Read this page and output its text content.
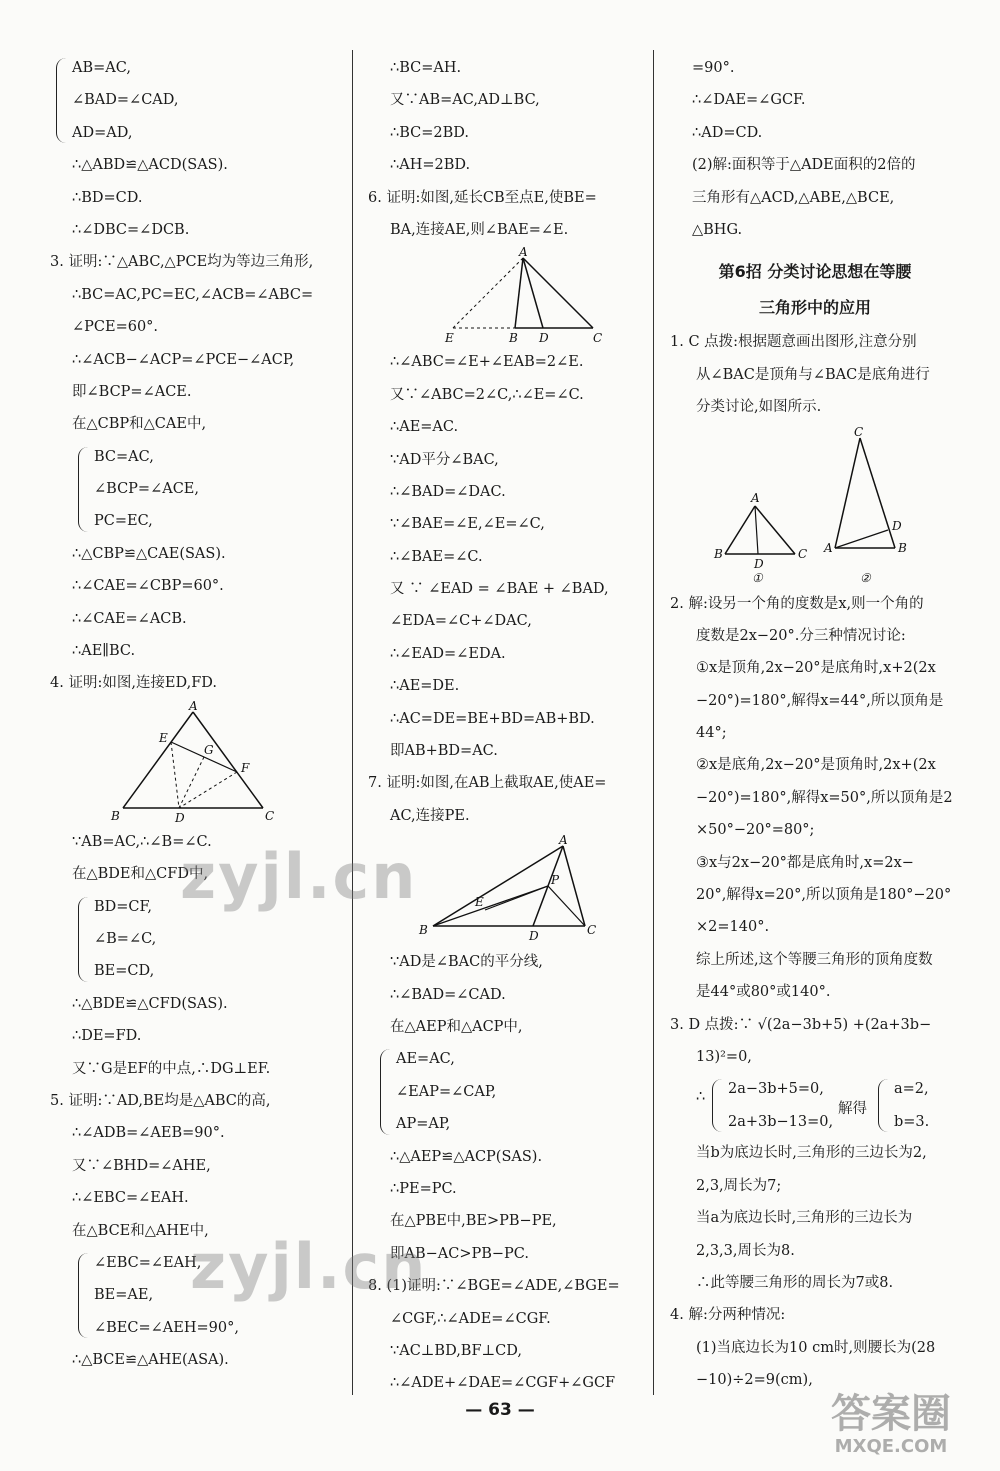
AB=AC,
∠BAD=∠CAD,
AD=AD,
∴△ABD≌△ACD(SAS).
∴BD=CD.
∴∠DBC=∠DCB.
3. 证明:∵△ABC,△PCE均为等边三角形,
∴BC=AC,PC=EC,∠ACB=∠ABC=
∠PCE=60°.
∴∠ACB−∠ACP=∠PCE−∠ACP,
即∠BCP=∠ACE.
在△CBP和△CAE中,
BC=AC,
∠BCP=∠ACE,
PC=EC,
∴△CBP≌△CAE(SAS).
∴∠CAE=∠CBP=60°.
∴∠CAE=∠ACB.
∴AE∥BC.
4. 证明:如图,连接ED,FD.
A
B	C
D
E
F
G
∵AB=AC,∴∠B=∠C.
在△BDE和△CFD中,
BD=CF,
∠B=∠C,
BE=CD,
∴△BDE≌△CFD(SAS).
∴DE=FD.
又∵G是EF的中点,∴DG⊥EF.
5. 证明:∵AD,BE均是△ABC的高,
∴∠ADB=∠AEB=90°.
又∵∠BHD=∠AHE,
∴∠EBC=∠EAH.
在△BCE和△AHE中,
∠EBC=∠EAH,
BE=AE,
∠BEC=∠AEH=90°,
∴△BCE≌△AHE(ASA).
∴BC=AH.
又∵AB=AC,AD⊥BC,
∴BC=2BD.
∴AH=2BD.
6. 证明:如图,延长CB至点E,使BE=
BA,连接AE,则∠BAE=∠E.
A
B	C
D
E
∴∠ABC=∠E+∠EAB=2∠E.
又∵∠ABC=2∠C,∴∠E=∠C.
∴AE=AC.
∵AD平分∠BAC,
∴∠BAD=∠DAC.
∵∠BAE=∠E,∠E=∠C,
∴∠BAE=∠C.
又 ∵ ∠EAD = ∠BAE + ∠BAD,
∠EDA=∠C+∠DAC,
∴∠EAD=∠EDA.
∴AE=DE.
∴AC=DE=BE+BD=AB+BD.
即AB+BD=AC.
7. 证明:如图,在AB上截取AE,使AE=
AC,连接PE.
A
B	C
D
E
P
∵AD是∠BAC的平分线,
∴∠BAD=∠CAD.
在△AEP和△ACP中,
AE=AC,
∠EAP=∠CAP,
AP=AP,
∴△AEP≌△ACP(SAS).
∴PE=PC.
在△PBE中,BE>PB−PE,
即AB−AC>PB−PC.
8. (1)证明:∵∠BGE=∠ADE,∠BGE=
∠CGF,∴∠ADE=∠CGF.
∵AC⊥BD,BF⊥CD,
∴∠ADE+∠DAE=∠CGF+∠GCF
=90°.
∴∠DAE=∠GCF.
∴AD=CD.
(2)解:面积等于△ADE面积的2倍的
三角形有△ACD,△ABE,△BCE,
△BHG.
第6招 分类讨论思想在等腰
三角形中的应用
1. C 点拨:根据题意画出图形,注意分别
从∠BAC是顶角与∠BAC是底角进行
分类讨论,如图所示.
A
B	C
D
①
C
A	B
D
②
2. 解:设另一个角的度数是x,则一个角的
度数是2x−20°.分三种情况讨论:
①x是顶角,2x−20°是底角时,x+2(2x
−20°)=180°,解得x=44°,所以顶角是
44°;
②x是底角,2x−20°是顶角时,2x+(2x
−20°)=180°,解得x=50°,所以顶角是2
×50°−20°=80°;
③x与2x−20°都是底角时,x=2x−
20°,解得x=20°,所以顶角是180°−20°
×2=140°.
综上所述,这个等腰三角形的顶角度数
是44°或80°或140°.
3. D 点拨:∵ √(2a−3b+5) +(2a+3b−
13)²=0,
∴ 2a−3b+5=0,
2a+3b−13=0,
解得
a=2,
b=3.
当b为底边长时,三角形的三边长为2,
2,3,周长为7;
当a为底边长时,三角形的三边长为
2,3,3,周长为8.
∴此等腰三角形的周长为7或8.
4. 解:分两种情况:
(1)当底边长为10 cm时,则腰长为(28
−10)÷2=9(cm),
zyjl.cn
zyjl.cn
— 63 —	答案圈
MXQE.COM
